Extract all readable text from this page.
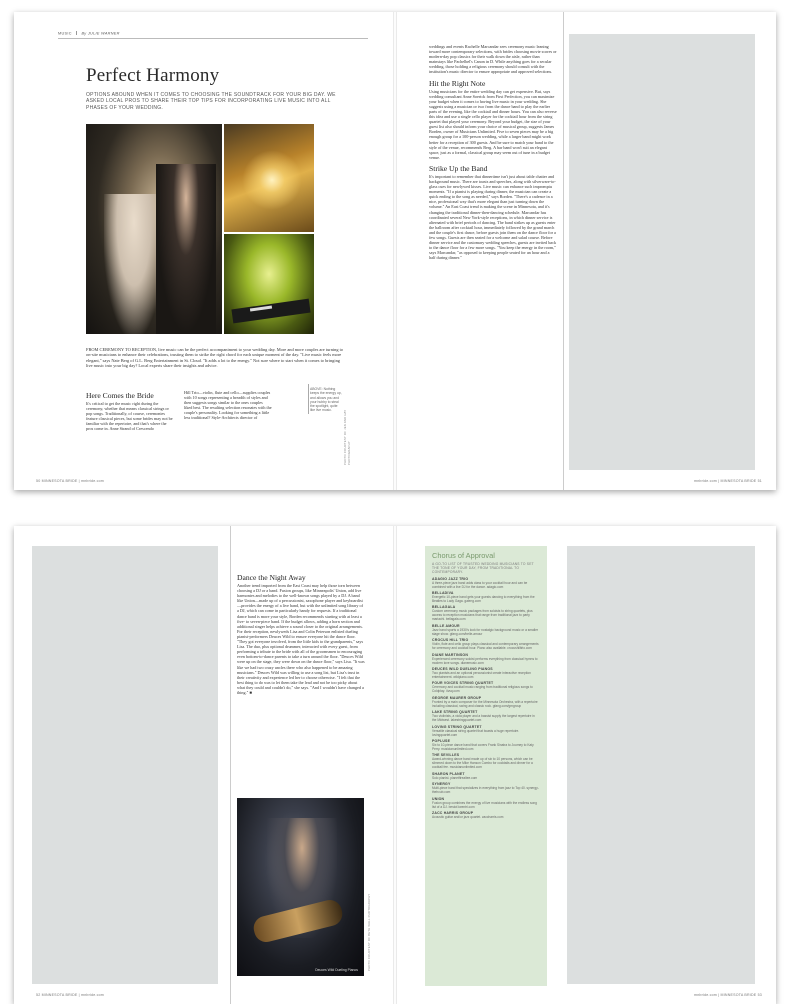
MUSIC	By JULIE WARNER
Perfect Harmony
OPTIONS ABOUND WHEN IT COMES TO CHOOSING THE SOUNDTRACK FOR YOUR BIG DAY. WE ASKED LOCAL PROS TO SHARE THEIR TOP TIPS FOR INCORPORATING LIVE MUSIC INTO ALL PHASES OF YOUR WEDDING.
PHOTO COURTESY OF JEN AND HAY PHOTOGRAPHY
ABOVE: Nothing keeps the energy up, and allows you and your hubby to steal the spotlight, quite like live music.
FROM CEREMONY TO RECEPTION, live music can be the perfect accompaniment to your wedding day. More and more couples are turning to on-site musicians to enhance their celebrations, trusting them to strike the right chord for each unique moment of the day. "Live music feels more elegant," says Nate Berg of G.L. Berg Entertainment in St. Cloud. "It adds a lot to the energy." Not sure where to start when it comes to bringing live music into your big day? Local experts share their insights and advice.
Here Comes the Bride
It's critical to get the music right during the ceremony, whether that means classical strings or pop songs. Traditionally, of course, ceremonies feature classical pieces, but some brides may not be familiar with the repertoire, and that's where the pros come in. Anne Strand of Crescendo
Hill Trio—violin, flute and cello—supplies couples with 10 songs representing a breadth of styles and then suggests songs similar to the ones couples liked best. The resulting selection resonates with the couple's personality. Looking for something a little less traditional? Style-Architects director of
50 MINNESOTA BRIDE | mnbride.com
weddings and events Rachelle Marcandar sees ceremony music leaning toward more contemporary selections, with brides choosing movie scores or modern-day pop classics for their walk down the aisle, rather than mainstays like Pachelbel's Canon in D. While anything goes for a secular wedding, those holding a religious ceremony should consult with the institution's music director to ensure appropriate and approved selections.
Hit the Right Note
Using musicians for the entire wedding day can get expensive. But, says wedding consultant Anne Soerick from First Perfection, you can maximize your budget when it comes to having live music in your wedding. She suggests using a musician or two from the dance band to play the earlier parts of the evening, like the cocktail and dinner hours. You can also reverse this idea and use a single cello player for the cocktail hour from the string quartet that played your ceremony. Beyond your budget, the size of your guest list also should inform your choice of musical group, suggests James Borden, owner of Musicians Unlimited. Five to seven pieces may be a big enough group for a 100-person wedding, while a larger band might work better for a reception of 300 guests. And be sure to match your band to the style of the venue, recommends Berg. A bar band won't suit an elegant space, just as a formal, classical group may seem out of tune in a budget venue.
Strike Up the Band
It's important to remember that dinnertime isn't just about table chatter and background music. There are toasts and speeches, along with silverware-to-glass cues for newlywed kisses. Live music can enhance such impromptu moments. "If a pianist is playing during dinner, the musician can create a quick ending to the song as needed," says Borden. "There's a cadence in a nice, professional way that's more elegant than just turning down the volume." An East Coast trend is making the scene in Minnesota, and it's changing the traditional dinner-then-dancing schedule. Marcandar has coordinated several New York-style receptions, in which dinner service is alternated with brief periods of dancing. The band strikes up as guests enter the ballroom after cocktail hour, immediately followed by the grand march and the couple's first dance, before guests join them on the dance floor for a few songs. Guests are then seated for a welcome and salad course. Before dinner service and the customary wedding speeches, guests are invited back to the dance floor for a few more songs. "You keep the energy in the room," says Marcandar, "as opposed to keeping people seated for an hour and a half during dinner."
mnbride.com | MINNESOTA BRIDE 51
Dance the Night Away
Another trend imported from the East Coast may help those torn between choosing a DJ or a band. Fusion groups, like Minneapolis' Union, add live harmonies and melodies to the well-known songs played by a DJ. A band like Union—made up of a percussionist, saxophone player and keyboardist—provides the energy of a live band, but with the unlimited song library of a DJ, which can come in particularly handy for requests. If a traditional dance band is more your style, Borden recommends starting with at least a five- to seven-piece band. If the budget allows, adding a horn section and additional singer helps achieve a sound closer to the original arrangements. For their reception, newlyweds Lisa and Colin Peterson enlisted dueling pianist-performers Deuces Wild to ensure everyone hit the dance floor. "They got everyone involved, from the little kids to the grandparents," says Lisa. The duo, plus optional drummer, interacted with every guest, from performing a tribute to the bride with all of the groomsmen to encouraging even bottom-to-dance parents to take a turn around the floor. "Deuces Wild were up on the stage, they were down on the dance floor," says Lisa. "It was like we had two crazy uncles there who also happened to be amazing musicians." Deuces Wild was willing to use a song list, but Lisa's trust in their creativity and experience led her to choose otherwise. "I felt that the best thing to do was to let them take the lead and not be too picky about what they could and couldn't do," she says. "And I wouldn't have changed a thing." ■
Deuces Wild Dueling Pianos	PHOTO COURTESY OF BETH WALL PHOTOGRAPHY
52 MINNESOTA BRIDE | mnbride.com
Chorus of Approval
A GO-TO LIST OF TRUSTED WEDDING MUSICIANS TO SET THE TONE OF YOUR DAY, FROM TRADITIONAL TO CONTEMPORARY.
ADAGIO JAZZ TRIO
A three-piece jazz band adds class to your cocktail hour and can be combined with a live DJ for the dance. adagio.com
BELLADIVA
Energetic 10-piece band gets your guests dancing to everything from the Beatles to Lady Gaga. galeng.com
BELLAGALA
Custom ceremony music packages from soloists to string quartets, plus access to reception musicians that range from traditional jazz to party mariachi. bellagala.com
BELLE AMOUR
Jazz band sports a 1930's look for nostalgic background music or a smaller stage show. gfang.com/belle-amour
CROCUS HILL TRIO
Violin, flute and cello group plays classical and contemporary arrangements for ceremony and cocktail hour. Piano also available. crocushilltrio.com
DIANE MARTINSON
Experienced ceremony soloist performs everything from classical hymns to modern love songs. dianemusic.com
DEUCES WILD DUELING PIANOS
Two pianists and an optional percussionist create interactive reception entertainment. wildpiano.com
FOUR VOICES STRING QUARTET
Ceremony and cocktail music ranging from traditional religious songs to Coldplay. 4vsq.com
GEORGE MAURER GROUP
Fronted by a main composer for the Minnesota Orchestra, with a repertoire including classical, swing and classic rock. gfang.com/gmgroup
LAKE STRING QUARTET
Two violinists, a viola player and a bassist supply the largest repertoire in the Midwest. lakestringquartet.com
LOVING STRING QUARTET
Versatile classical string quartet that boasts a huge repertoire. lovingquartet.com
POPLUSE
Six to 10-piece dance band that covers Frank Sinatra to Journey to Katy Perry. musicianunlimited.com
THE SEVILLES
Award-winning dance band made up of six to 10 persons, which can be slimmed down to the Mike Hanson Combo for cocktails and dinner for a cocktail fee. musicianunlimited.com
SHARON PLANET
Solo pianist. planetfirealtee.com
SYNERGY
Multi-piece band that specializes in everything from jazz to Top 40. synergy-thehcub.com
UNION
Fusion group combines the energy of live musicians with the endless song list of a DJ. bestof-twentri.com
ZACC HARRIS GROUP
Acoustic guitar and/or jazz quartet. zaccharris.com
mnbride.com | MINNESOTA BRIDE 53
